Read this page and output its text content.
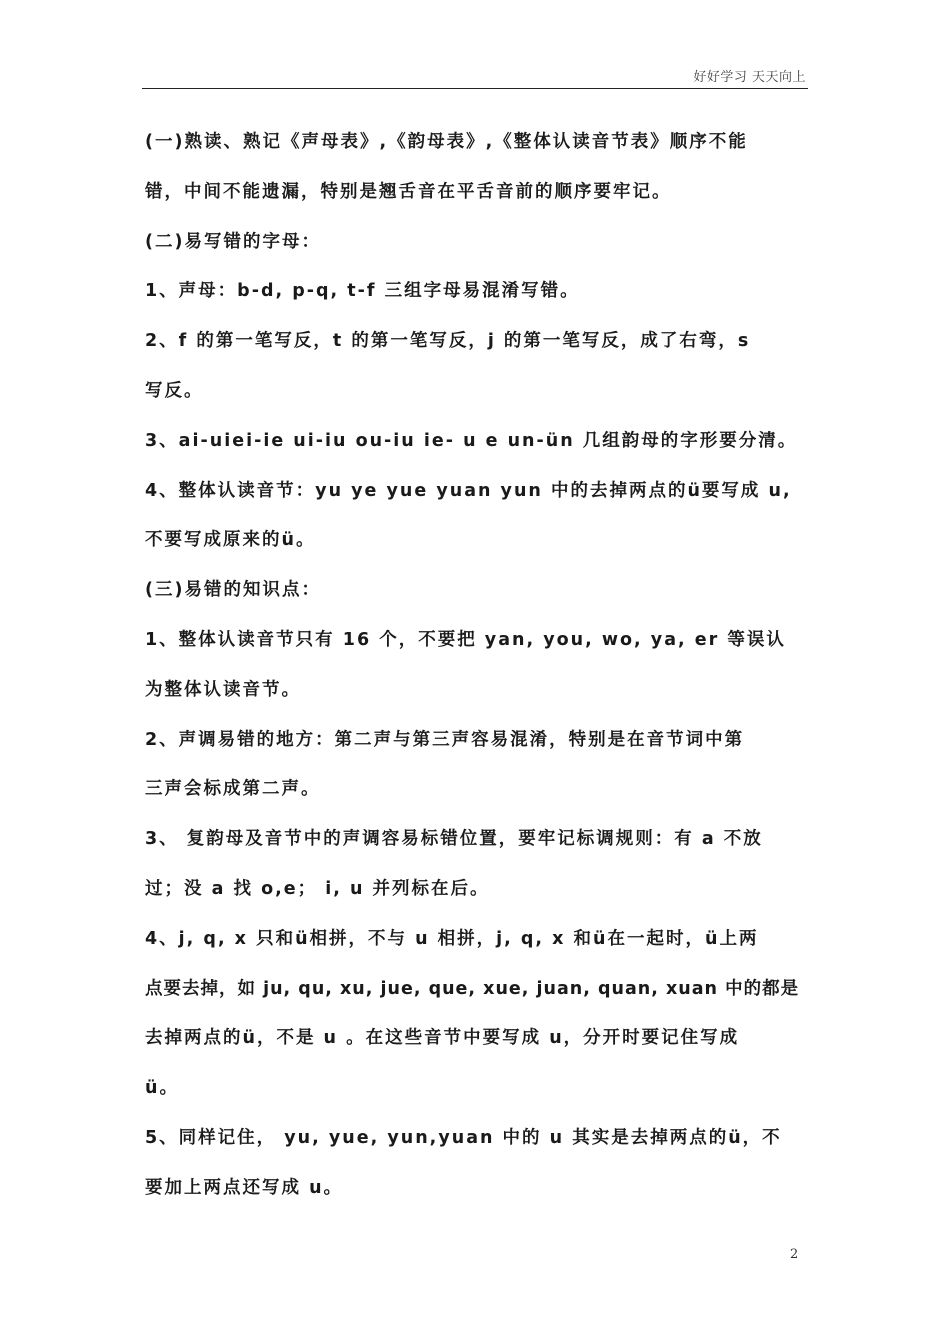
好好学习 天天向上
(一)熟读、熟记《声母表》,《韵母表》,《整体认读音节表》顺序不能
错，中间不能遗漏，特别是翘舌音在平舌音前的顺序要牢记。
(二)易写错的字母：
1、声母：b-d, p-q, t-f 三组字母易混淆写错。
2、f 的第一笔写反，t 的第一笔写反，j 的第一笔写反，成了右弯，s
写反。
3、ai-uiei-ie ui-iu ou-iu ie- u e un-ün 几组韵母的字形要分清。
4、整体认读音节：yu ye yue yuan yun 中的去掉两点的ü要写成 u,
不要写成原来的ü。
(三)易错的知识点：
1、整体认读音节只有 16 个，不要把 yan, you, wo, ya, er 等误认
为整体认读音节。
2、声调易错的地方：第二声与第三声容易混淆，特别是在音节词中第
三声会标成第二声。
3、 复韵母及音节中的声调容易标错位置，要牢记标调规则：有 a 不放
过；没 a 找 o,e； i, u 并列标在后。
4、j, q, x 只和ü相拼，不与 u 相拼，j, q, x 和ü在一起时，ü上两
点要去掉，如 ju, qu, xu, jue, que, xue, juan, quan, xuan 中的都是
去掉两点的ü，不是 u 。在这些音节中要写成 u，分开时要记住写成
ü。
5、同样记住， yu, yue, yun,yuan 中的 u 其实是去掉两点的ü，不
要加上两点还写成 u。
2
